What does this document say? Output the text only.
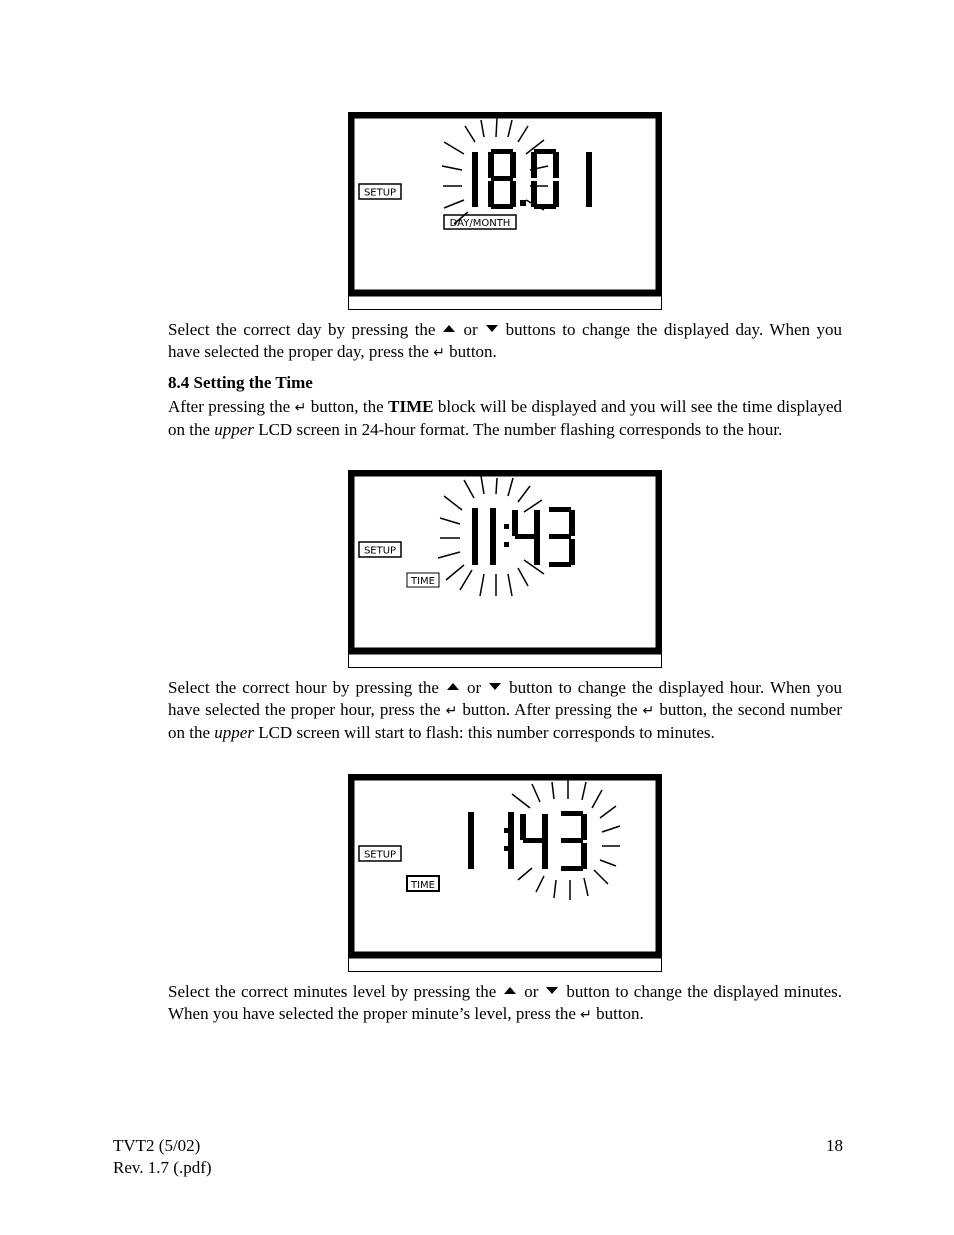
SETUP
DAY/MONTH

Select the correct day by pressing the or buttons to change the displayed day. When you have selected the proper day, press the ↵ button.

8.4 Setting the Time

After pressing the ↵ button, the TIME block will be displayed and you will see the time displayed on the upper LCD screen in 24-hour format. The number flashing corresponds to the hour.

SETUP
TIME

Select the correct hour by pressing the or button to change the displayed hour. When you have selected the proper hour, press the ↵ button. After pressing the ↵ button, the second number on the upper LCD screen will start to flash: this number corresponds to minutes.

SETUP
TIME

Select the correct minutes level by pressing the or button to change the displayed minutes. When you have selected the proper minute’s level, press the ↵ button.

TVT2 (5/02)
Rev. 1.7 (.pdf)
18
